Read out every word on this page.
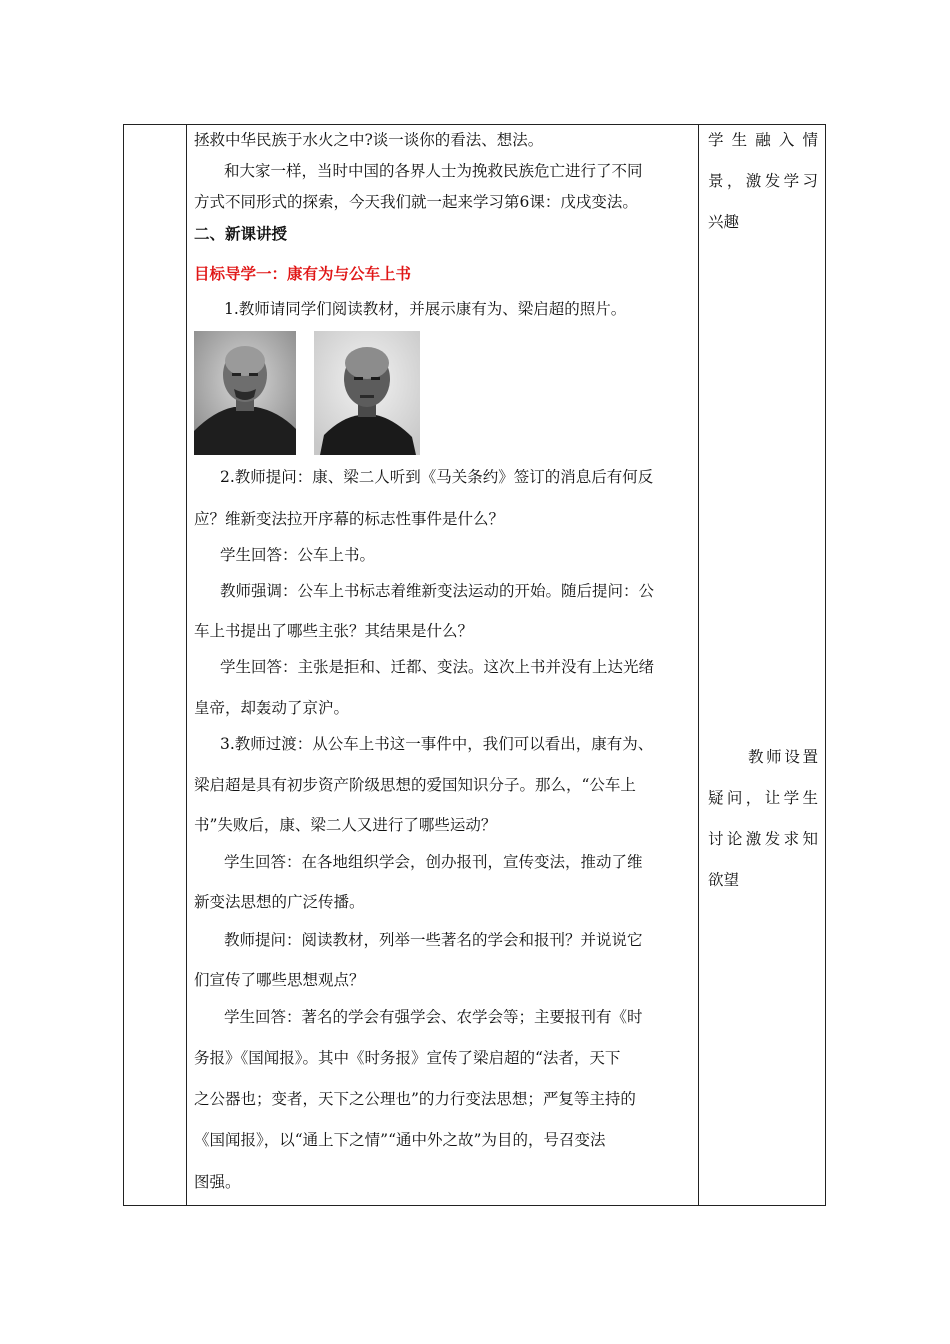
拯救中华民族于水火之中?谈一谈你的看法、想法。
和大家一样，当时中国的各界人士为挽救民族危亡进行了不同
方式不同形式的探索，今天我们就一起来学习第6课：戊戌变法。
二、新课讲授
目标导学一：康有为与公车上书
1.教师请同学们阅读教材，并展示康有为、梁启超的照片。
2.教师提问：康、梁二人听到《马关条约》签订的消息后有何反
应？维新变法拉开序幕的标志性事件是什么？
学生回答：公车上书。
教师强调：公车上书标志着维新变法运动的开始。随后提问：公
车上书提出了哪些主张？其结果是什么？
学生回答：主张是拒和、迁都、变法。这次上书并没有上达光绪
皇帝，却轰动了京沪。
3.教师过渡：从公车上书这一事件中，我们可以看出，康有为、
梁启超是具有初步资产阶级思想的爱国知识分子。那么，“公车上
书”失败后，康、梁二人又进行了哪些运动？
学生回答：在各地组织学会，创办报刊，宣传变法，推动了维
新变法思想的广泛传播。
教师提问：阅读教材，列举一些著名的学会和报刊？并说说它
们宣传了哪些思想观点？
学生回答：著名的学会有强学会、农学会等；主要报刊有《时
务报》《国闻报》。其中《时务报》宣传了梁启超的“法者，天下
之公器也；变者，天下之公理也”的力行变法思想；严复等主持的
《国闻报》，以“通上下之情”“通中外之故”为目的，号召变法
图强。
学生融入情
景，激发学习
兴趣
教师设置
疑问，让学生
讨论激发求知
欲望
